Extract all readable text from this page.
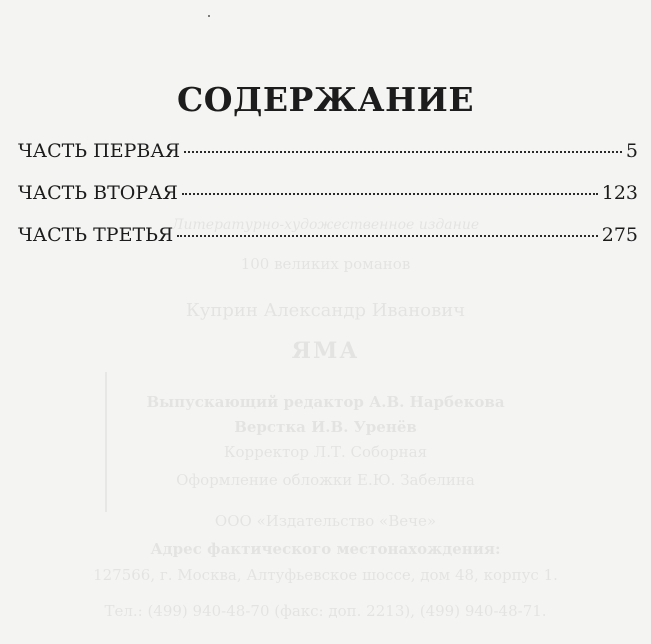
Литературно-художественное издание
100 великих романов
Куприн Александр Иванович
ЯМА
Выпускающий редактор А.В. Нарбекова
Верстка И.В. Уренёв
Корректор Л.Т. Соборная
Оформление обложки Е.Ю. Забелина
ООО «Издательство «Вече»
Адрес фактического местонахождения:
127566, г. Москва, Алтуфьевское шоссе, дом 48, корпус 1.
Тел.: (499) 940-48-70 (факс: доп. 2213), (499) 940-48-71.
СОДЕРЖАНИЕ
ЧАСТЬ ПЕРВАЯ	5
ЧАСТЬ ВТОРАЯ	123
ЧАСТЬ ТРЕТЬЯ	275
